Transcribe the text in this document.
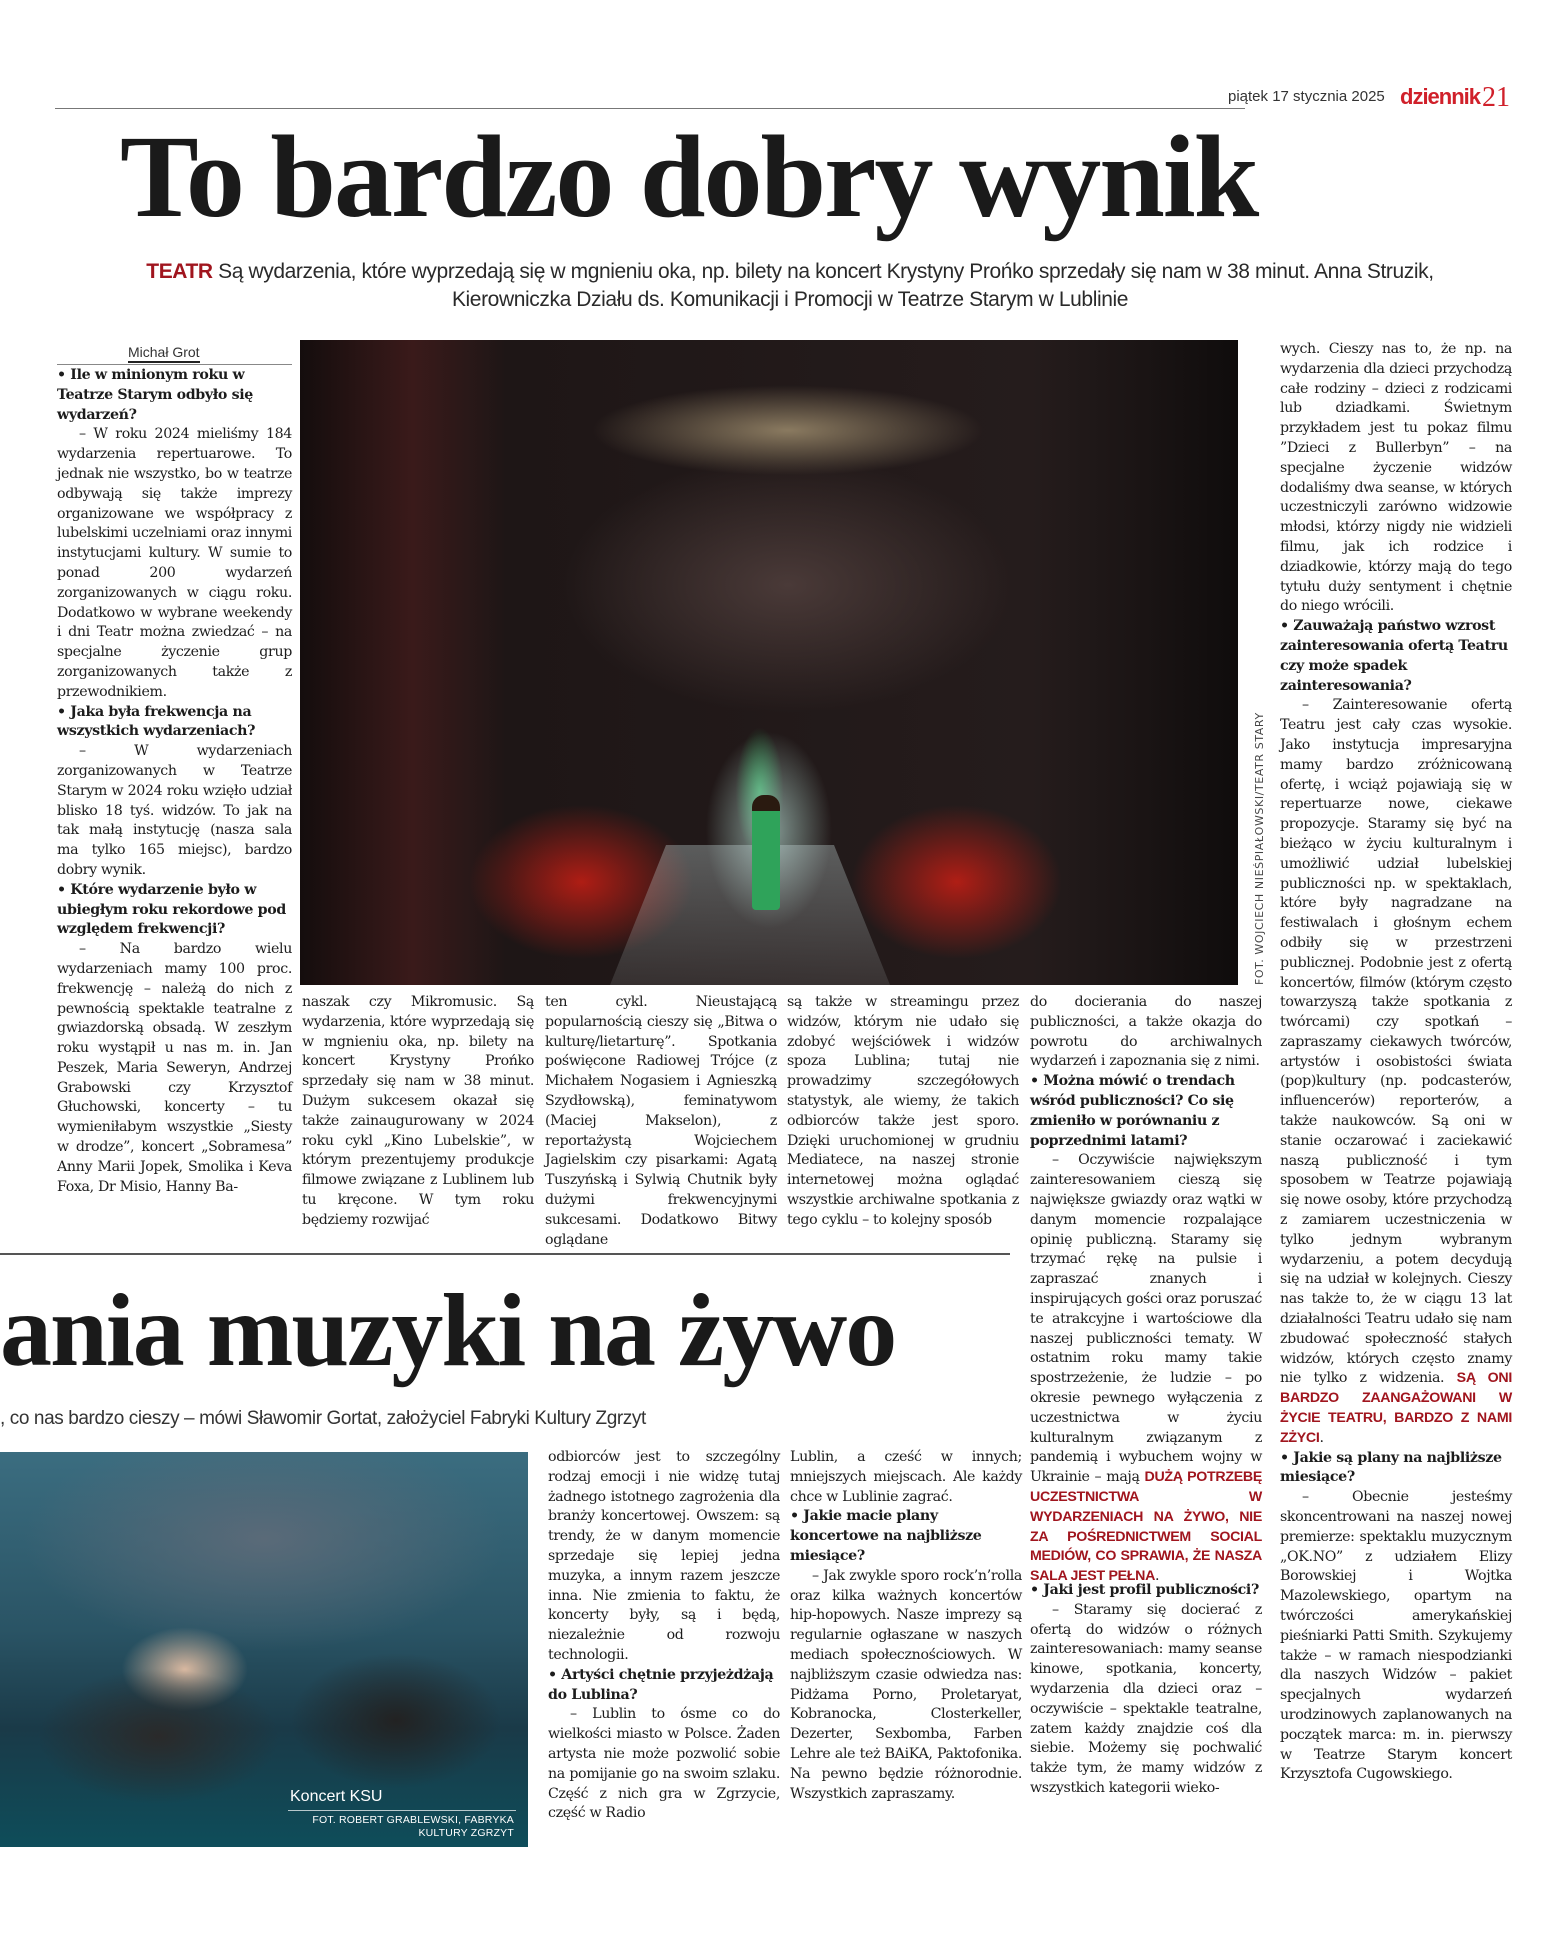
piątek 17 stycznia 2025 dziennik 21
To bardzo dobry wynik
TEATR Są wydarzenia, które wyprzedają się w mgnieniu oka, np. bilety na koncert Krystyny Prońko sprzedały się nam w 38 minut. Anna Struzik, Kierowniczka Działu ds. Komunikacji i Promocji w Teatrze Starym w Lublinie
Michał Grot

• Ile w minionym roku w Teatrze Starym odbyło się wydarzeń?

– W roku 2024 mieliśmy 184 wydarzenia repertuarowe. To jednak nie wszystko, bo w teatrze odbywają się także imprezy organizowane we współpracy z lubelskimi uczelniami oraz innymi instytucjami kultury. W sumie to ponad 200 wydarzeń zorganizowanych w ciągu roku. Dodatkowo w wybrane weekendy i dni Teatr można zwiedzać – na specjalne życzenie grup zorganizowanych także z przewodnikiem.

• Jaka była frekwencja na wszystkich wydarzeniach?

– W wydarzeniach zorganizowanych w Teatrze Starym w 2024 roku wzięło udział blisko 18 tyś. widzów. To jak na tak małą instytucję (nasza sala ma tylko 165 miejsc), bardzo dobry wynik.

• Które wydarzenie było w ubiegłym roku rekordowe pod względem frekwencji?

– Na bardzo wielu wydarzeniach mamy 100 proc. frekwencję – należą do nich z pewnością spektakle teatralne z gwiazdorską obsadą. W zeszłym roku wystąpił u nas m. in. Jan Peszek, Maria Seweryn, Andrzej Grabowski czy Krzysztof Głuchowski, koncerty – tu wymieniłabym wszystkie „Siesty w drodze”, koncert „Sobramesa” Anny Marii Jopek, Smolika i Keva Foxa, Dr Misio, Hanny Ba-

FOT. WOJCIECH NIEŚPIAŁOWSKI/TEATR STARY

naszak czy Mikromusic. Są wydarzenia, które wyprzedają się w mgnieniu oka, np. bilety na koncert Krystyny Prońko sprzedały się nam w 38 minut. Dużym sukcesem okazał się także zainaugurowany w 2024 roku cykl „Kino Lubelskie”, w którym prezentujemy produkcje filmowe związane z Lublinem lub tu kręcone. W tym roku będziemy rozwijać

ten cykl. Nieustającą popularnością cieszy się „Bitwa o kulturę/lietarturę”. Spotkania poświęcone Radiowej Trójce (z Michałem Nogasiem i Agnieszką Szydłowską), feminatywom (Maciej Makselon), z reportażystą Wojciechem Jagielskim czy pisarkami: Agatą Tuszyńską i Sylwią Chutnik były dużymi frekwencyjnymi sukcesami. Dodatkowo Bitwy oglądane

są także w streamingu przez widzów, którym nie udało się zdobyć wejściówek i widzów spoza Lublina; tutaj nie prowadzimy szczegółowych statystyk, ale wiemy, że takich odbiorców także jest sporo. Dzięki uruchomionej w grudniu Mediatece, na naszej stronie internetowej można oglądać wszystkie archiwalne spotkania z tego cyklu – to kolejny sposób

do docierania do naszej publiczności, a także okazja do powrotu do archiwalnych wydarzeń i zapoznania się z nimi.

• Można mówić o trendach wśród publiczności? Co się zmieniło w porównaniu z poprzednimi latami?

– Oczywiście największym zainteresowaniem cieszą się największe gwiazdy oraz wątki w danym momencie rozpalające opinię publiczną. Staramy się trzymać rękę na pulsie i zapraszać znanych i inspirujących gości oraz poruszać te atrakcyjne i wartościowe dla naszej publiczności tematy. W ostatnim roku mamy takie spostrzeżenie, że ludzie – po okresie pewnego wyłączenia z uczestnictwa w życiu kulturalnym związanym z pandemią i wybuchem wojny w Ukrainie – mają DUŻĄ POTRZEBĘ UCZESTNICTWA W WYDARZENIACH NA ŻYWO, NIE ZA POŚREDNICTWEM SOCIAL MEDIÓW, CO SPRAWIA, ŻE NASZA SALA JEST PEŁNA.

• Jaki jest profil publiczności?

– Staramy się docierać z ofertą do widzów o różnych zainteresowaniach: mamy seanse kinowe, spotkania, koncerty, wydarzenia dla dzieci oraz – oczywiście – spektakle teatralne, zatem każdy znajdzie coś dla siebie. Możemy się pochwalić także tym, że mamy widzów z wszystkich kategorii wieko-

wych. Cieszy nas to, że np. na wydarzenia dla dzieci przychodzą całe rodziny – dzieci z rodzicami lub dziadkami. Świetnym przykładem jest tu pokaz filmu ”Dzieci z Bullerbyn” – na specjalne życzenie widzów dodaliśmy dwa seanse, w których uczestniczyli zarówno widzowie młodsi, którzy nigdy nie widzieli filmu, jak ich rodzice i dziadkowie, którzy mają do tego tytułu duży sentyment i chętnie do niego wrócili.

• Zauważają państwo wzrost zainteresowania ofertą Teatru czy może spadek zainteresowania?

– Zainteresowanie ofertą Teatru jest cały czas wysokie. Jako instytucja impresaryjna mamy bardzo zróżnicowaną ofertę, i wciąż pojawiają się w repertuarze nowe, ciekawe propozycje. Staramy się być na bieżąco w życiu kulturalnym i umożliwić udział lubelskiej publiczności np. w spektaklach, które były nagradzane na festiwalach i głośnym echem odbiły się w przestrzeni publicznej. Podobnie jest z ofertą koncertów, filmów (którym często towarzyszą także spotkania z twórcami) czy spotkań – zapraszamy ciekawych twórców, artystów i osobistości świata (pop)kultury (np. podcasterów, influencerów) reporterów, a także naukowców. Są oni w stanie oczarować i zaciekawić naszą publiczność i tym sposobem w Teatrze pojawiają się nowe osoby, które przychodzą z zamiarem uczestniczenia w tylko jednym wybranym wydarzeniu, a potem decydują się na udział w kolejnych. Cieszy nas także to, że w ciągu 13 lat działalności Teatru udało się nam zbudować społeczność stałych widzów, których często znamy nie tylko z widzenia. SĄ ONI BARDZO ZAANGAŻOWANI W ŻYCIE TEATRU, BARDZO Z NAMI ZŻYCI.

• Jakie są plany na najbliższe miesiące?

– Obecnie jesteśmy skoncentrowani na naszej nowej premierze: spektaklu muzycznym „OK.NO” z udziałem Elizy Borowskiej i Wojtka Mazolewskiego, opartym na twórczości amerykańskiej pieśniarki Patti Smith. Szykujemy także – w ramach niespodzianki dla naszych Widzów – pakiet specjalnych wydarzeń urodzinowych zaplanowanych na początek marca: m. in. pierwszy w Teatrze Starym koncert Krzysztofa Cugowskiego.

ania muzyki na żywo
, co nas bardzo cieszy – mówi Sławomir Gortat, założyciel Fabryki Kultury Zgrzyt
Koncert KSU
FOT. ROBERT GRABLEWSKI, FABRYKA
KULTURY ZGRZYT

odbiorców jest to szczególny rodzaj emocji i nie widzę tutaj żadnego istotnego zagrożenia dla branży koncertowej. Owszem: są trendy, że w danym momencie sprzedaje się lepiej jedna muzyka, a innym razem jeszcze inna. Nie zmienia to faktu, że koncerty były, są i będą, niezależnie od rozwoju technologii.

• Artyści chętnie przyjeżdżają do Lublina?

– Lublin to ósme co do wielkości miasto w Polsce. Żaden artysta nie może pozwolić sobie na pomijanie go na swoim szlaku. Część z nich gra w Zgrzycie, część w Radio

Lublin, a cześć w innych; mniejszych miejscach. Ale każdy chce w Lublinie zagrać.

• Jakie macie plany koncertowe na najbliższe miesiące?

– Jak zwykle sporo rock’n’rolla oraz kilka ważnych koncertów hip-hopowych. Nasze imprezy są regularnie ogłaszane w naszych mediach społecznościowych. W najbliższym czasie odwiedza nas: Pidżama Porno, Proletaryat, Kobranocka, Closterkeller, Dezerter, Sexbomba, Farben Lehre ale też BAiKA, Paktofonika. Na pewno będzie różnorodnie. Wszystkich zapraszamy.
